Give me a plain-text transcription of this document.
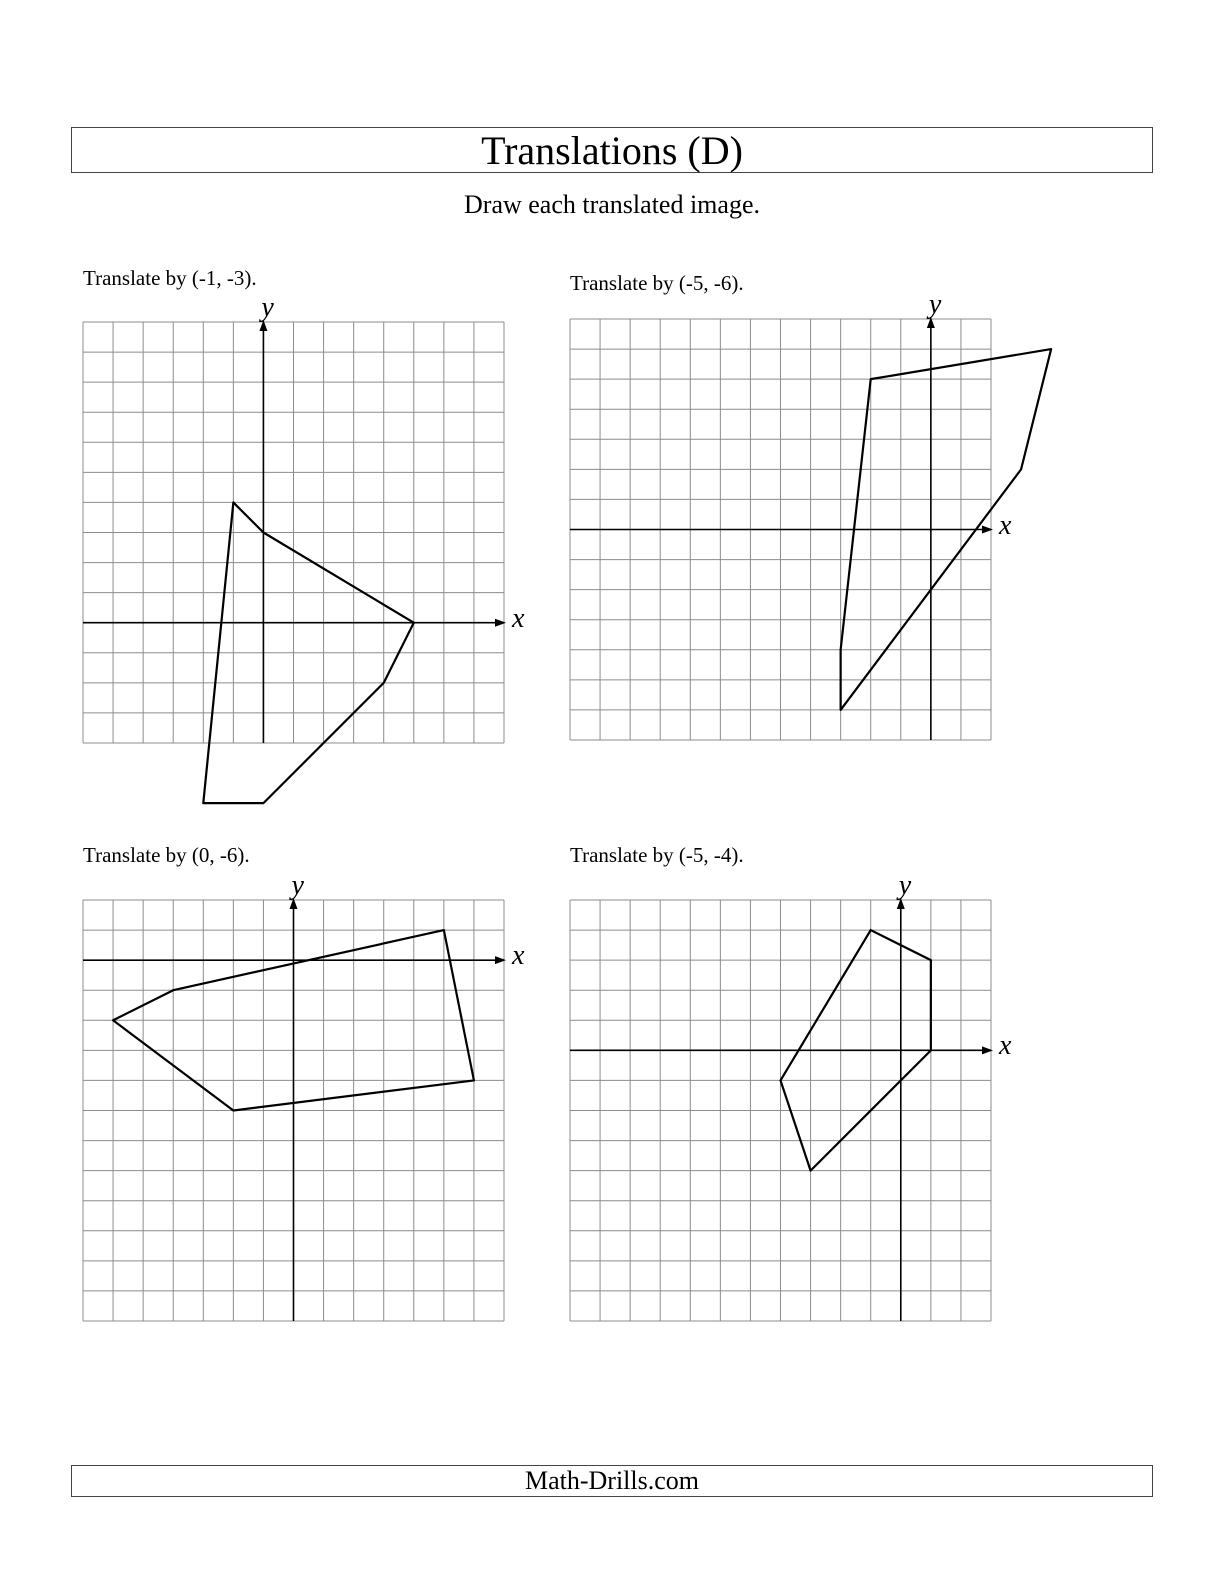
Translations (D)
Draw each translated image.
Translate by (-1, -3).	Translate by (-5, -6).
Translate by (0, -6).	Translate by (-5, -4).
Math-Drills.com
x
y
x
y
x
y
x
y
